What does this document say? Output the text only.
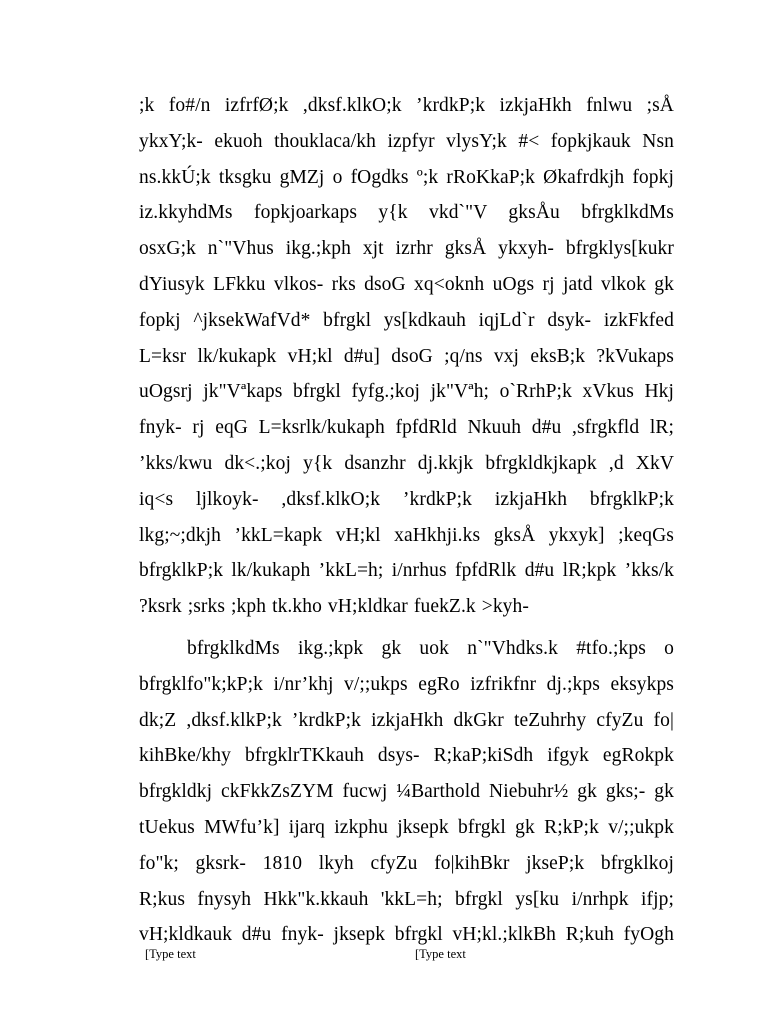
;k fo#/n izfrfØ;k ,dksf.klkO;k ’krdkP;k izkjaHkh fnlwu ;sÅ
ykxY;k- ekuoh thouklaca/kh izpfyr vlysY;k #< fopkjkauk Nsn
ns.kkÚ;k tksgku gMZj o fOgdks º;k rRoKkaP;k Økafrdkjh fopkj
iz.kkyhdMs fopkjoarkaps y{k vkd`"V gksÅu bfrgklkdMs
osxG;k n`"Vhus ikg.;kph xjt izrhr gksÅ ykxyh- bfrgklys[kukr
dYiusyk LFkku vlkos- rks dsoG xq<oknh uOgs rj jatd vlkok gk
fopkj ^jksekWafVd* bfrgkl ys[kdkauh iqjLd`r dsyk- izkFkfed
L=ksr lk/kukapk vH;kl d#u] dsoG ;q/ns vxj eksB;k ?kVukaps
uOgsrj jk"Vªkaps bfrgkl fyfg.;koj jk"Vªh; o`RrhP;k xVkus Hkj
fnyk- rj eqG L=ksrlk/kukaph fpfdRld Nkuuh d#u ,sfrgkfld lR;
’kks/kwu dk<.;koj y{k dsanzhr dj.kkjk bfrgkldkjkapk ,d XkV
iq<s ljlkoyk- ,dksf.klkO;k ’krdkP;k izkjaHkh bfrgklkP;k
lkg;~;dkjh ’kkL=kapk vH;kl xaHkhji.ks gksÅ ykxyk] ;keqGs
bfrgklkP;k lk/kukaph ’kkL=h; i/nrhus fpfdRlk d#u lR;kpk ’kks/k
?ksrk ;srks ;kph tk.kho vH;kldkar fuekZ.k >kyh-

bfrgklkdMs ikg.;kpk gk uok n`"Vhdks.k #tfo.;kps o
bfrgklfo"k;kP;k i/nr’khj v/;;ukps egRo izfrikfnr dj.;kps eksykps
dk;Z ,dksf.klkP;k ’krdkP;k izkjaHkh dkGkr teZuhrhy cfyZu fo|
kihBke/khy bfrgklrTKkauh dsys- R;kaP;kiSdh ifgyk egRokpk
bfrgkldkj ckFkkZsZYM fucwj ¼Barthold Niebuhr½ gk gks;- gk
tUekus MWfu’k] ijarq izkphu jksepk bfrgkl gk R;kP;k v/;;ukpk
fo"k; gksrk- 1810 lkyh cfyZu fo|kihBkr jkseP;k bfrgklkoj
R;kus fnysyh Hkk"k.kkauh 'kkL=h; bfrgkl ys[ku i/nrhpk ifjp;
vH;kldkauk d#u fnyk- jksepk bfrgkl vH;kl.;klkBh R;kuh fyOgh

[Type text	[Type text
